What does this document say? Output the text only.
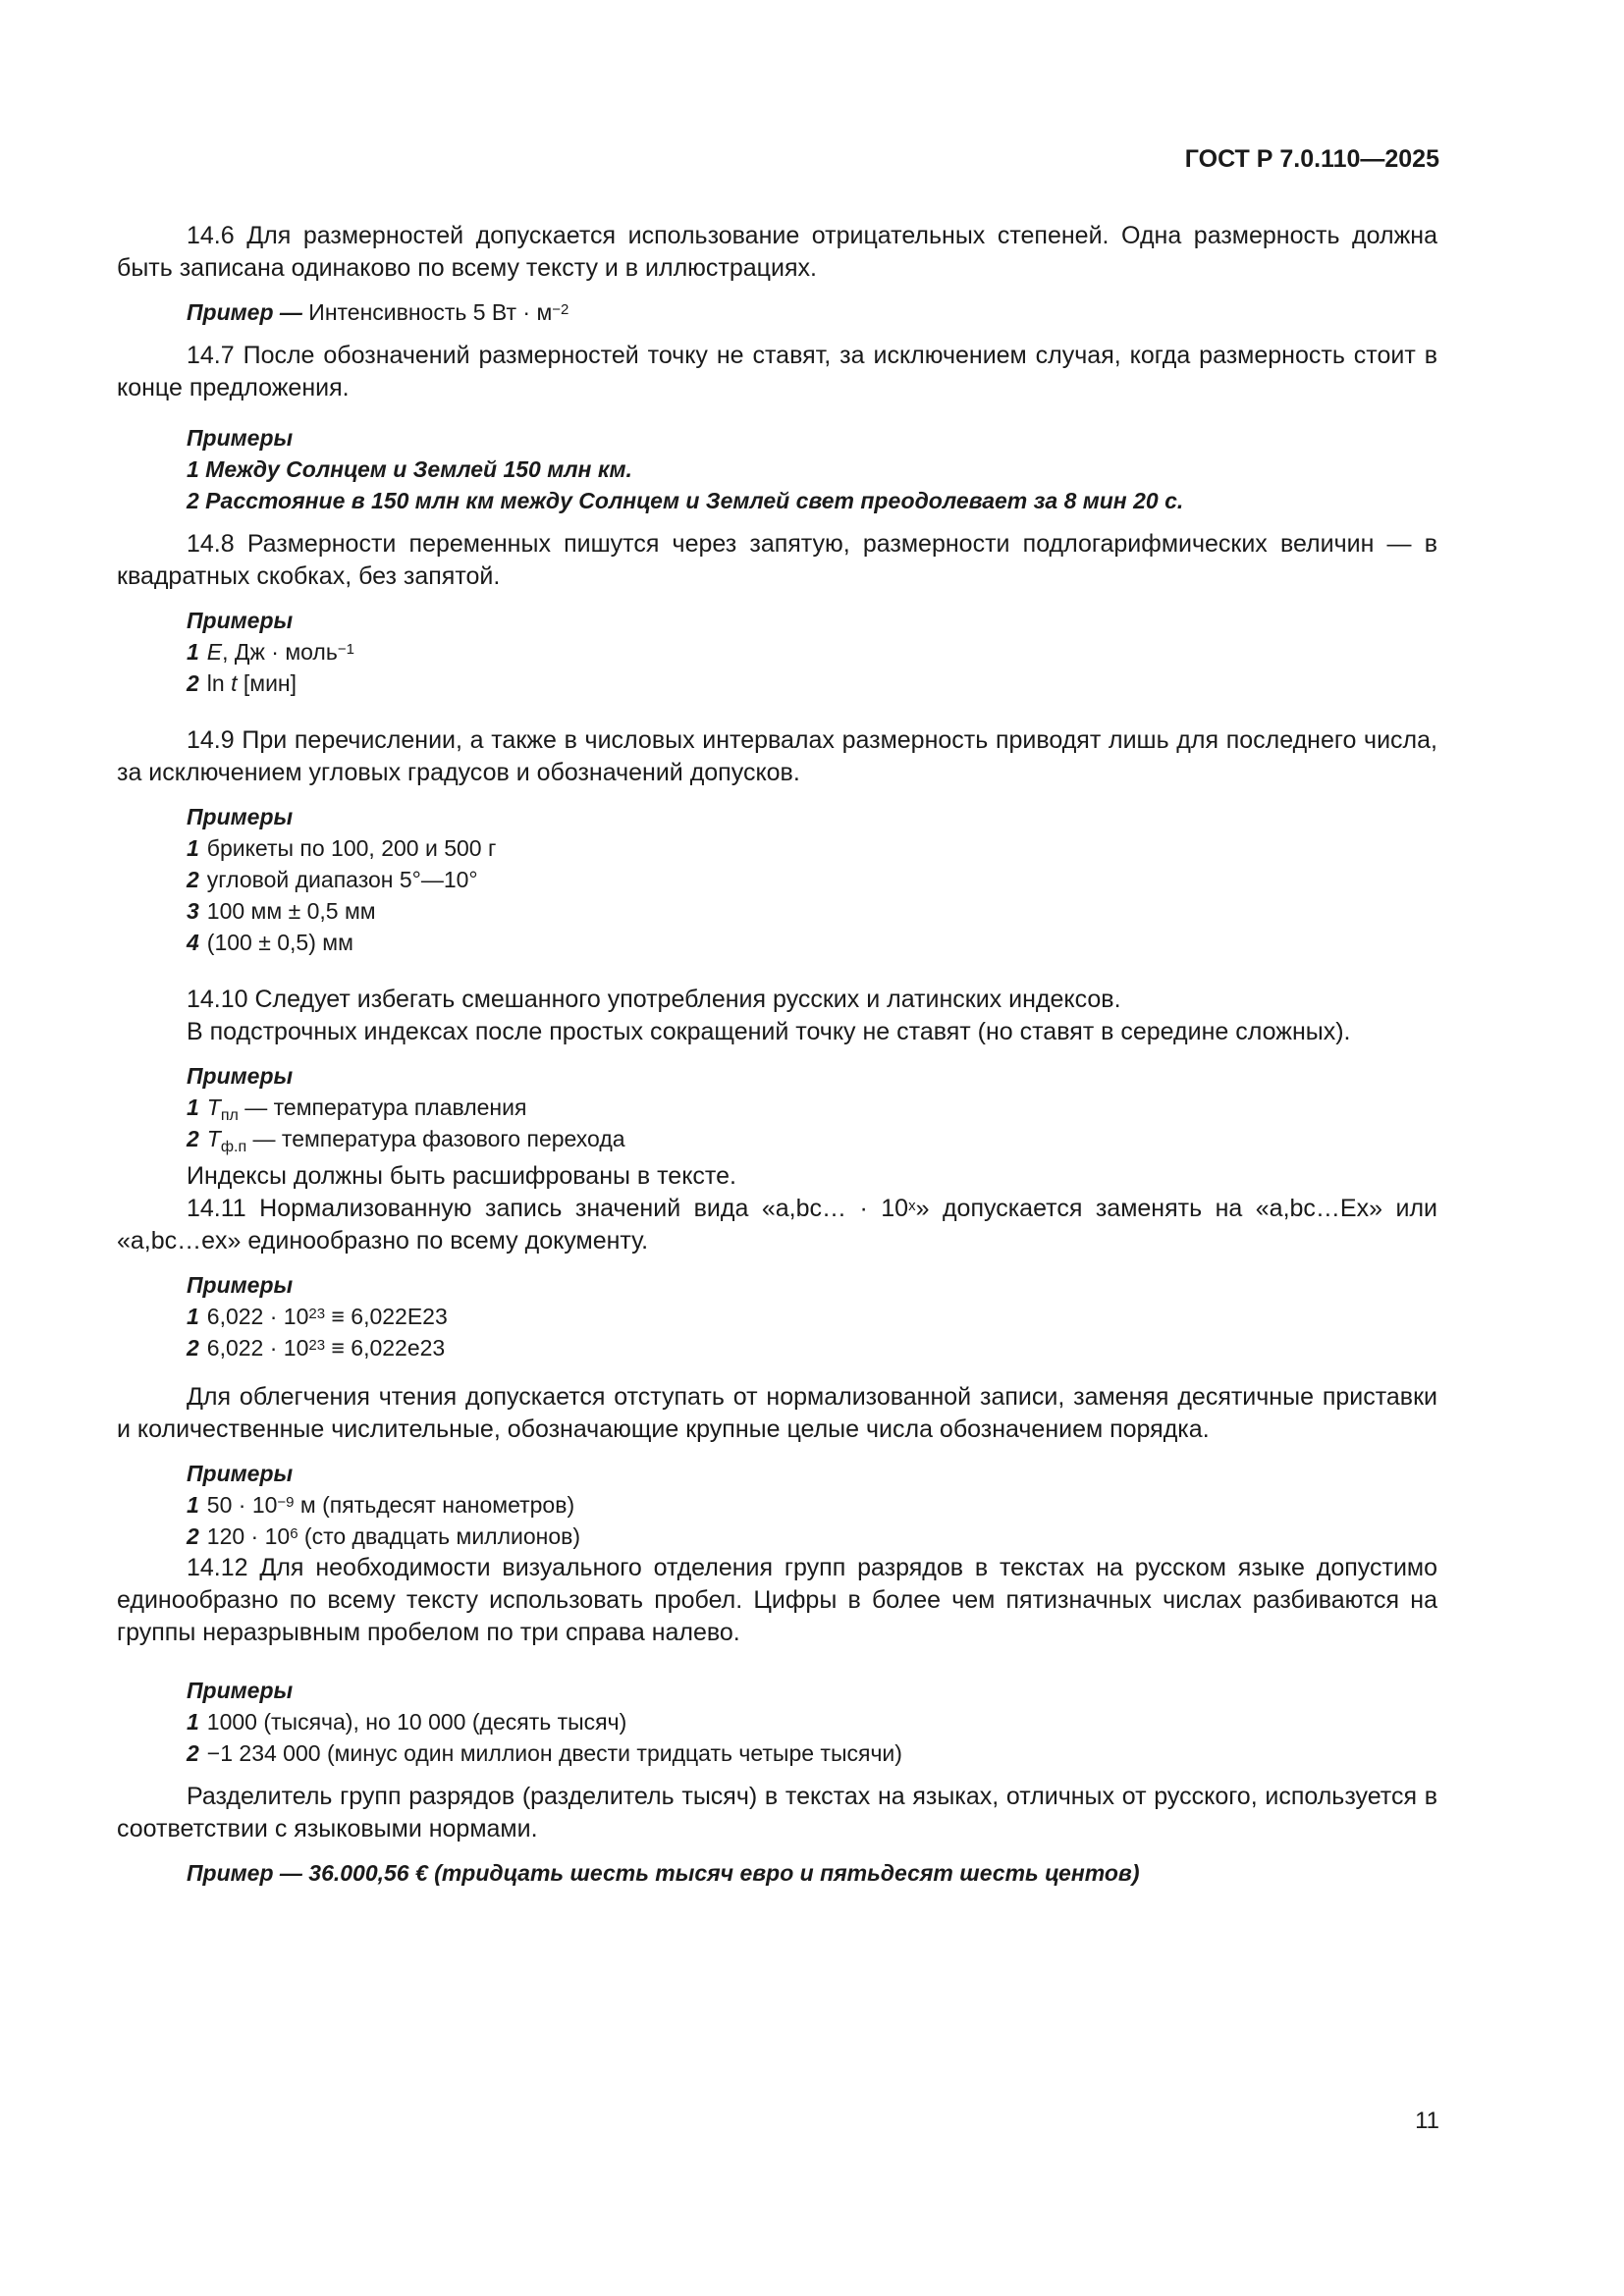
ГОСТ Р 7.0.110—2025

14.6 Для размерностей допускается использование отрицательных степеней. Одна размерность должна быть записана одинаково по всему тексту и в иллюстрациях.

Пример — Интенсивность 5 Вт · $м^{-2}$

14.7 После обозначений размерностей точку не ставят, за исключением случая, когда размерность стоит в конце предложения.

Примеры
1 Между Солнцем и Землей 150 млн км.
2 Расстояние в 150 млн км между Солнцем и Землей свет преодолевает за 8 мин 20 с.

14.8 Размерности переменных пишутся через запятую, размерности подлогарифмических величин — в квадратных скобках, без запятой.

Примеры
1 E, Дж · моль$^{-1}$
2 ln t [мин]

14.9 При перечислении, а также в числовых интервалах размерность приводят лишь для последнего числа, за исключением угловых градусов и обозначений допусков.

Примеры
1 брикеты по 100, 200 и 500 г
2 угловой диапазон 5°—10°
3 100 мм ± 0,5 мм
4 (100 ± 0,5) мм

14.10 Следует избегать смешанного употребления русских и латинских индексов.

В подстрочных индексах после простых сокращений точку не ставят (но ставят в середине сложных).

Примеры
1 $T_{пл}$ — температура плавления
2 $T_{ф.п}$ — температура фазового перехода

Индексы должны быть расшифрованы в тексте.

14.11 Нормализованную запись значений вида «a,bc… · $10^x$» допускается заменять на «a,bc…Ex» или «a,bc…ex» единообразно по всему документу.

Примеры
1 $6,022 \cdot 10^{23} \equiv 6,022E23$
2 $6,022 \cdot 10^{23} \equiv 6,022e23$

Для облегчения чтения допускается отступать от нормализованной записи, заменяя десятичные приставки и количественные числительные, обозначающие крупные целые числа обозначением порядка.

Примеры
1 $50 \cdot 10^{-9}$ м (пятьдесят нанометров)
2 $120 \cdot 10^6$ (сто двадцать миллионов)

14.12 Для необходимости визуального отделения групп разрядов в текстах на русском языке допустимо единообразно по всему тексту использовать пробел. Цифры в более чем пятизначных числах разбиваются на группы неразрывным пробелом по три справа налево.

Примеры
1 1000 (тысяча), но 10 000 (десять тысяч)
2 −1 234 000 (минус один миллион двести тридцать четыре тысячи)

Разделитель групп разрядов (разделитель тысяч) в текстах на языках, отличных от русского, используется в соответствии с языковыми нормами.

Пример — 36.000,56 € (тридцать шесть тысяч евро и пятьдесят шесть центов)
11
